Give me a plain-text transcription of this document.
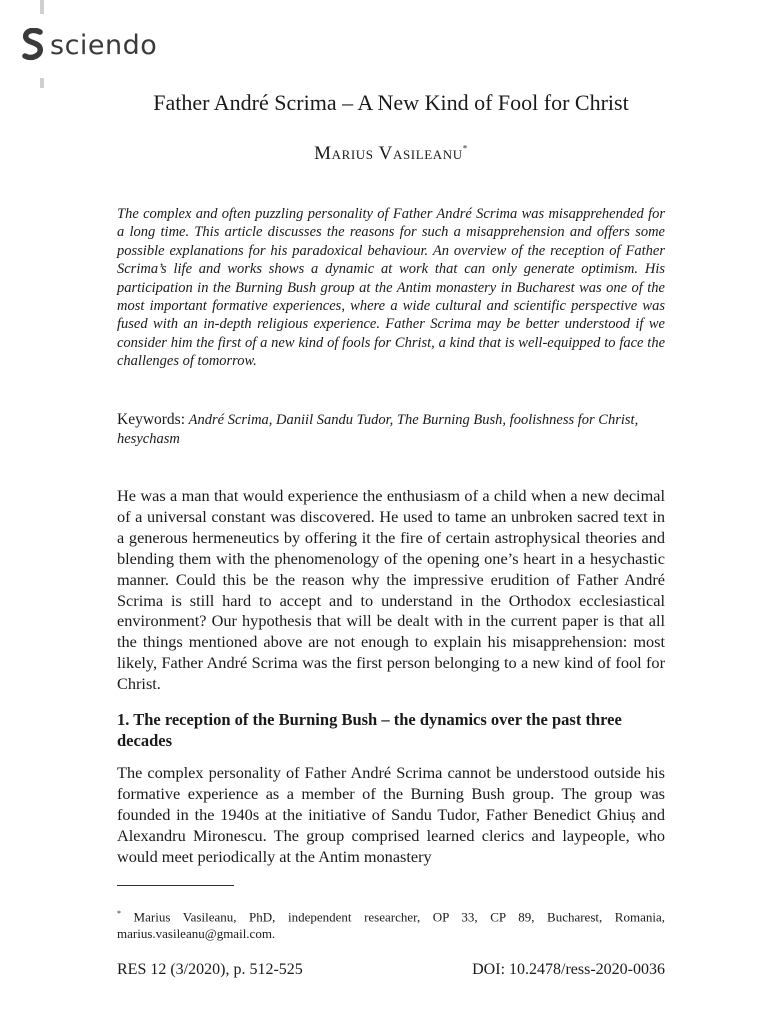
sciendo
Father André Scrima – A New Kind of Fool for Christ
Marius Vasileanu*

The complex and often puzzling personality of Father André Scrima was misapprehended for a long time. This article discusses the reasons for such a misapprehension and offers some possible explanations for his paradoxical behaviour. An overview of the reception of Father Scrima’s life and works shows a dynamic at work that can only generate optimism. His participation in the Burning Bush group at the Antim monastery in Bucharest was one of the most important formative experiences, where a wide cultural and scientific perspective was fused with an in-depth religious experience. Father Scrima may be better understood if we consider him the first of a new kind of fools for Christ, a kind that is well-equipped to face the challenges of tomorrow.

Keywords: André Scrima, Daniil Sandu Tudor, The Burning Bush, foolishness for Christ, hesychasm

He was a man that would experience the enthusiasm of a child when a new decimal of a universal constant was discovered. He used to tame an unbroken sacred text in a generous hermeneutics by offering it the fire of certain astrophysical theories and blending them with the phenomenology of the opening one’s heart in a hesychastic manner. Could this be the reason why the impressive erudition of Father André Scrima is still hard to accept and to understand in the Orthodox ecclesiastical environment? Our hypothesis that will be dealt with in the current paper is that all the things mentioned above are not enough to explain his misapprehension: most likely, Father André Scrima was the first person belonging to a new kind of fool for Christ.

1. The reception of the Burning Bush – the dynamics over the past three decades

The complex personality of Father André Scrima cannot be understood outside his formative experience as a member of the Burning Bush group. The group was founded in the 1940s at the initiative of Sandu Tudor, Father Benedict Ghiuș and Alexandru Mironescu. The group comprised learned clerics and laypeople, who would meet periodically at the Antim monastery

* Marius Vasileanu, PhD, independent researcher, OP 33, CP 89, Bucharest, Romania, marius.vasileanu@gmail.com.

RES 12 (3/2020), p. 512-525	DOI: 10.2478/ress-2020-0036
